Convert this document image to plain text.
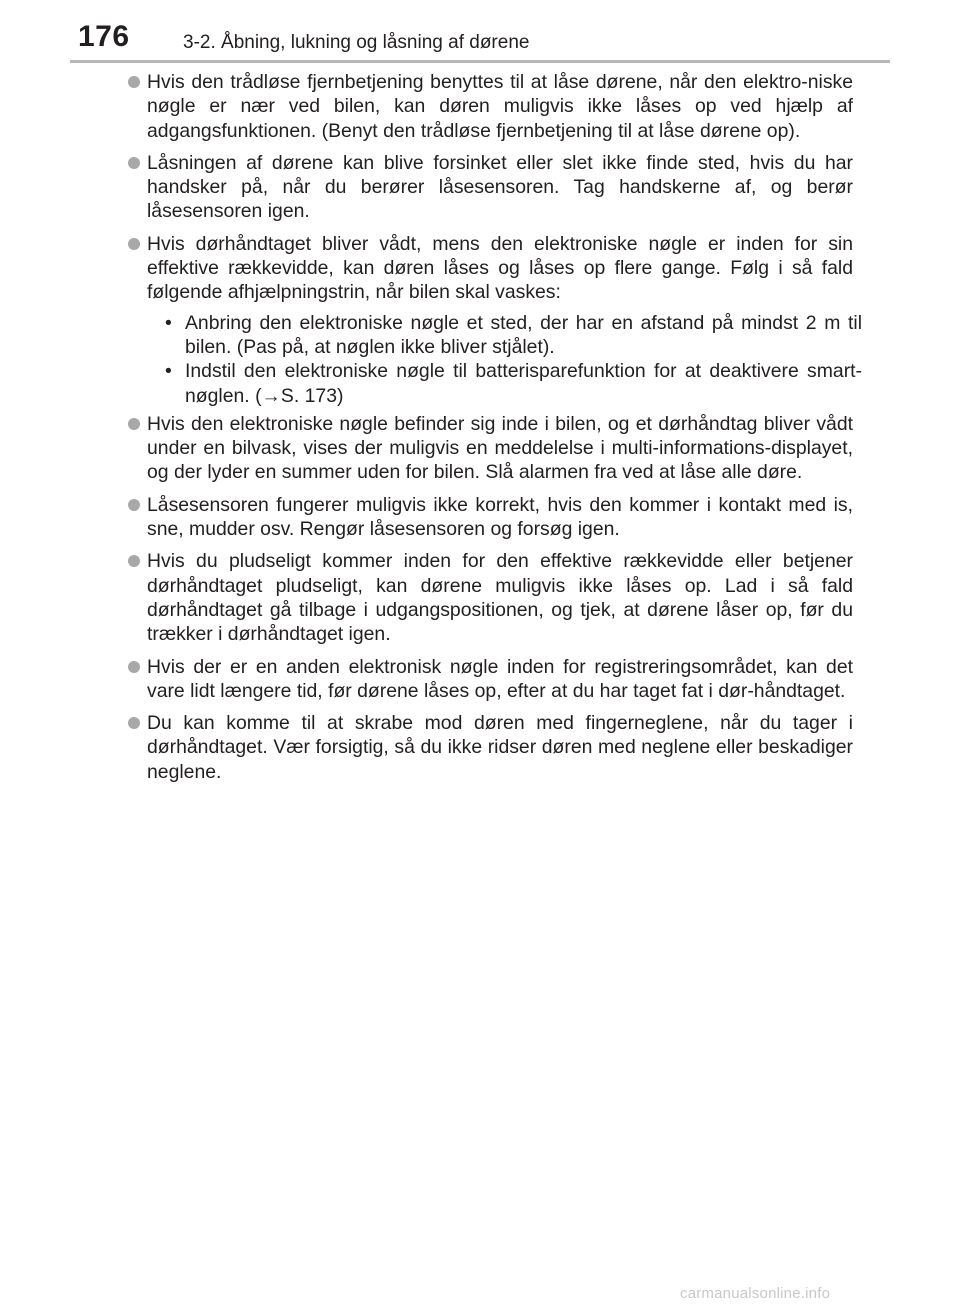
176	3-2. Åbning, lukning og låsning af dørene
Hvis den trådløse fjernbetjening benyttes til at låse dørene, når den elektro-niske nøgle er nær ved bilen, kan døren muligvis ikke låses op ved hjælp af adgangsfunktionen. (Benyt den trådløse fjernbetjening til at låse dørene op).
Låsningen af dørene kan blive forsinket eller slet ikke finde sted, hvis du har handsker på, når du berører låsesensoren. Tag handskerne af, og berør låsesensoren igen.
Hvis dørhåndtaget bliver vådt, mens den elektroniske nøgle er inden for sin effektive rækkevidde, kan døren låses og låses op flere gange. Følg i så fald følgende afhjælpningstrin, når bilen skal vaskes:
• Anbring den elektroniske nøgle et sted, der har en afstand på mindst 2 m til bilen. (Pas på, at nøglen ikke bliver stjålet).
• Indstil den elektroniske nøgle til batterisparefunktion for at deaktivere smart-nøglen. (→S. 173)
Hvis den elektroniske nøgle befinder sig inde i bilen, og et dørhåndtag bliver vådt under en bilvask, vises der muligvis en meddelelse i multi-informations-displayet, og der lyder en summer uden for bilen. Slå alarmen fra ved at låse alle døre.
Låsesensoren fungerer muligvis ikke korrekt, hvis den kommer i kontakt med is, sne, mudder osv. Rengør låsesensoren og forsøg igen.
Hvis du pludseligt kommer inden for den effektive rækkevidde eller betjener dørhåndtaget pludseligt, kan dørene muligvis ikke låses op. Lad i så fald dørhåndtaget gå tilbage i udgangspositionen, og tjek, at dørene låser op, før du trækker i dørhåndtaget igen.
Hvis der er en anden elektronisk nøgle inden for registreringsområdet, kan det vare lidt længere tid, før dørene låses op, efter at du har taget fat i dør-håndtaget.
Du kan komme til at skrabe mod døren med fingerneglene, når du tager i dørhåndtaget. Vær forsigtig, så du ikke ridser døren med neglene eller beskadiger neglene.
carmanualsonline.info
